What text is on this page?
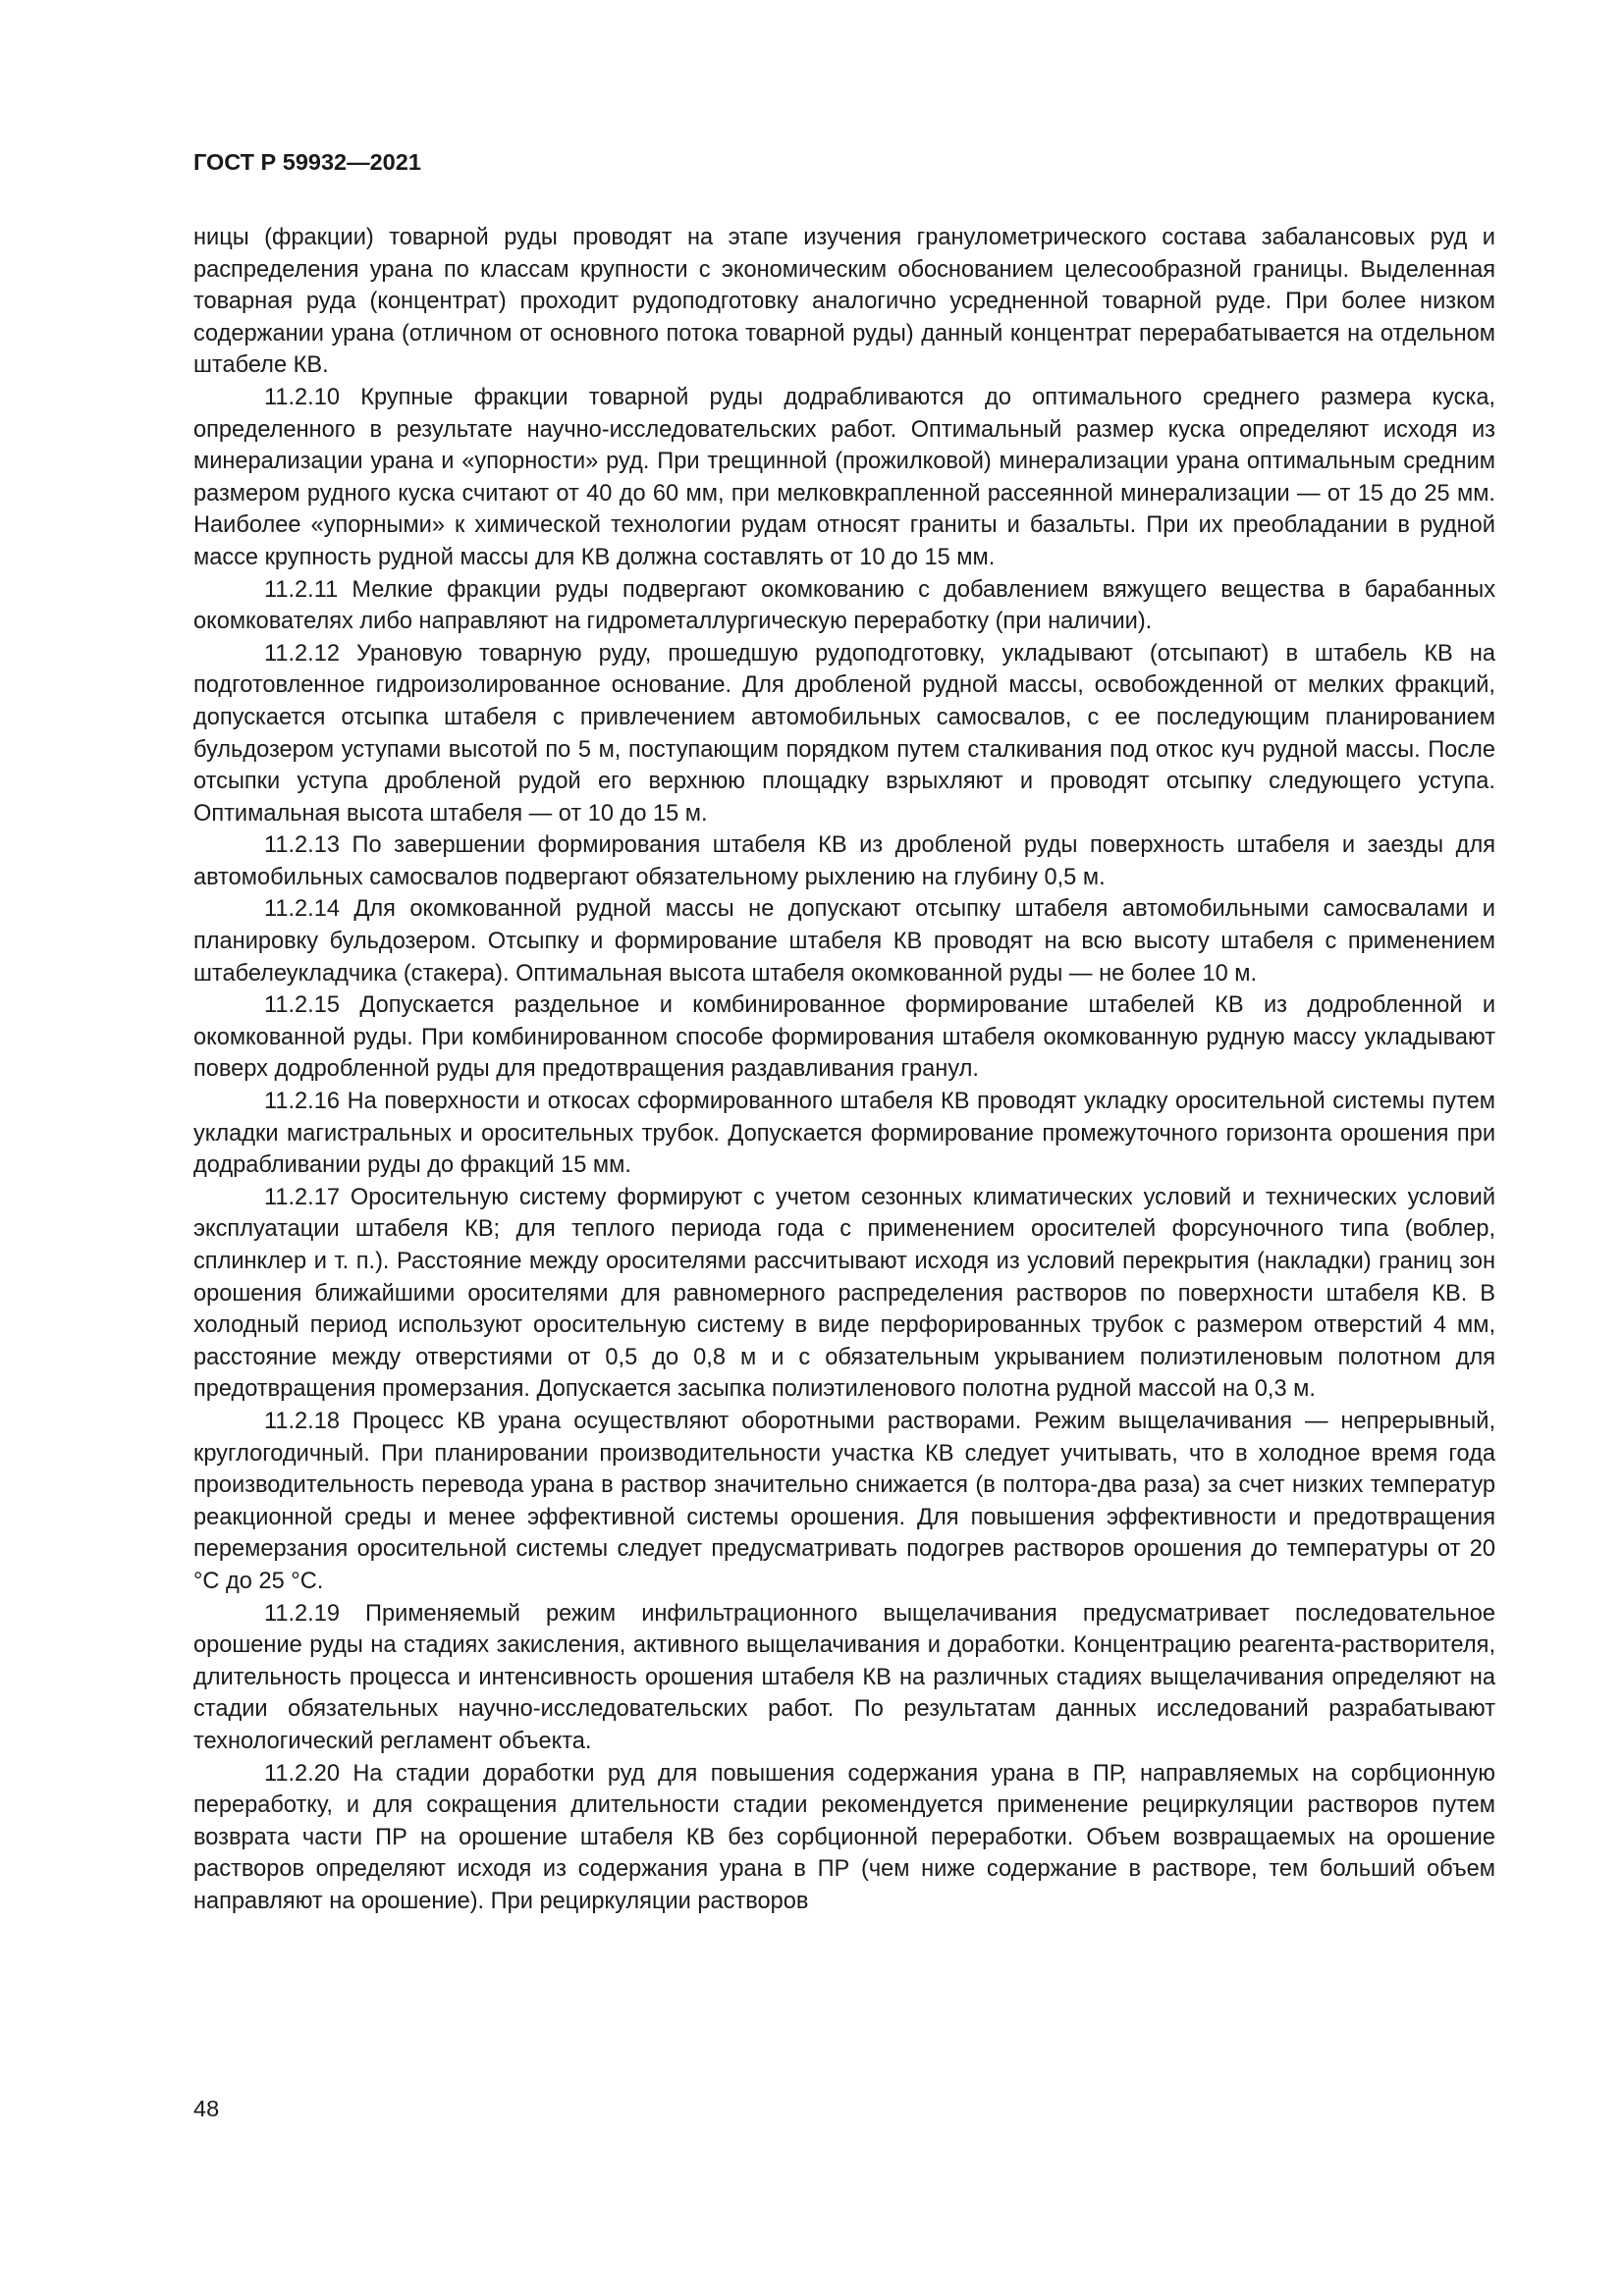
ГОСТ Р 59932—2021

ницы (фракции) товарной руды проводят на этапе изучения гранулометрического состава забалансовых руд и распределения урана по классам крупности с экономическим обоснованием целесообразной границы. Выделенная товарная руда (концентрат) проходит рудоподготовку аналогично усредненной товарной руде. При более низком содержании урана (отличном от основного потока товарной руды) данный концентрат перерабатывается на отдельном штабеле КВ.

11.2.10 Крупные фракции товарной руды додрабливаются до оптимального среднего размера куска, определенного в результате научно-исследовательских работ. Оптимальный размер куска определяют исходя из минерализации урана и «упорности» руд. При трещинной (прожилковой) минерализации урана оптимальным средним размером рудного куска считают от 40 до 60 мм, при мелковкрапленной рассеянной минерализации — от 15 до 25 мм. Наиболее «упорными» к химической технологии рудам относят граниты и базальты. При их преобладании в рудной массе крупность рудной массы для КВ должна составлять от 10 до 15 мм.

11.2.11 Мелкие фракции руды подвергают окомкованию с добавлением вяжущего вещества в барабанных окомкователях либо направляют на гидрометаллургическую переработку (при наличии).

11.2.12 Урановую товарную руду, прошедшую рудоподготовку, укладывают (отсыпают) в штабель КВ на подготовленное гидроизолированное основание. Для дробленой рудной массы, освобожденной от мелких фракций, допускается отсыпка штабеля с привлечением автомобильных самосвалов, с ее последующим планированием бульдозером уступами высотой по 5 м, поступающим порядком путем сталкивания под откос куч рудной массы. После отсыпки уступа дробленой рудой его верхнюю площадку взрыхляют и проводят отсыпку следующего уступа. Оптимальная высота штабеля — от 10 до 15 м.

11.2.13 По завершении формирования штабеля КВ из дробленой руды поверхность штабеля и заезды для автомобильных самосвалов подвергают обязательному рыхлению на глубину 0,5 м.

11.2.14 Для окомкованной рудной массы не допускают отсыпку штабеля автомобильными самосвалами и планировку бульдозером. Отсыпку и формирование штабеля КВ проводят на всю высоту штабеля с применением штабелеукладчика (стакера). Оптимальная высота штабеля окомкованной руды — не более 10 м.

11.2.15 Допускается раздельное и комбинированное формирование штабелей КВ из додробленной и окомкованной руды. При комбинированном способе формирования штабеля окомкованную рудную массу укладывают поверх додробленной руды для предотвращения раздавливания гранул.

11.2.16 На поверхности и откосах сформированного штабеля КВ проводят укладку оросительной системы путем укладки магистральных и оросительных трубок. Допускается формирование промежуточного горизонта орошения при додрабливании руды до фракций 15 мм.

11.2.17 Оросительную систему формируют с учетом сезонных климатических условий и технических условий эксплуатации штабеля КВ; для теплого периода года с применением оросителей форсуночного типа (воблер, сплинклер и т. п.). Расстояние между оросителями рассчитывают исходя из условий перекрытия (накладки) границ зон орошения ближайшими оросителями для равномерного распределения растворов по поверхности штабеля КВ. В холодный период используют оросительную систему в виде перфорированных трубок с размером отверстий 4 мм, расстояние между отверстиями от 0,5 до 0,8 м и с обязательным укрыванием полиэтиленовым полотном для предотвращения промерзания. Допускается засыпка полиэтиленового полотна рудной массой на 0,3 м.

11.2.18 Процесс КВ урана осуществляют оборотными растворами. Режим выщелачивания — непрерывный, круглогодичный. При планировании производительности участка КВ следует учитывать, что в холодное время года производительность перевода урана в раствор значительно снижается (в полтора-два раза) за счет низких температур реакционной среды и менее эффективной системы орошения. Для повышения эффективности и предотвращения перемерзания оросительной системы следует предусматривать подогрев растворов орошения до температуры от 20 °С до 25 °С.

11.2.19 Применяемый режим инфильтрационного выщелачивания предусматривает последовательное орошение руды на стадиях закисления, активного выщелачивания и доработки. Концентрацию реагента-растворителя, длительность процесса и интенсивность орошения штабеля КВ на различных стадиях выщелачивания определяют на стадии обязательных научно-исследовательских работ. По результатам данных исследований разрабатывают технологический регламент объекта.

11.2.20 На стадии доработки руд для повышения содержания урана в ПР, направляемых на сорбционную переработку, и для сокращения длительности стадии рекомендуется применение рециркуляции растворов путем возврата части ПР на орошение штабеля КВ без сорбционной переработки. Объем возвращаемых на орошение растворов определяют исходя из содержания урана в ПР (чем ниже содержание в растворе, тем больший объем направляют на орошение). При рециркуляции растворов

48
